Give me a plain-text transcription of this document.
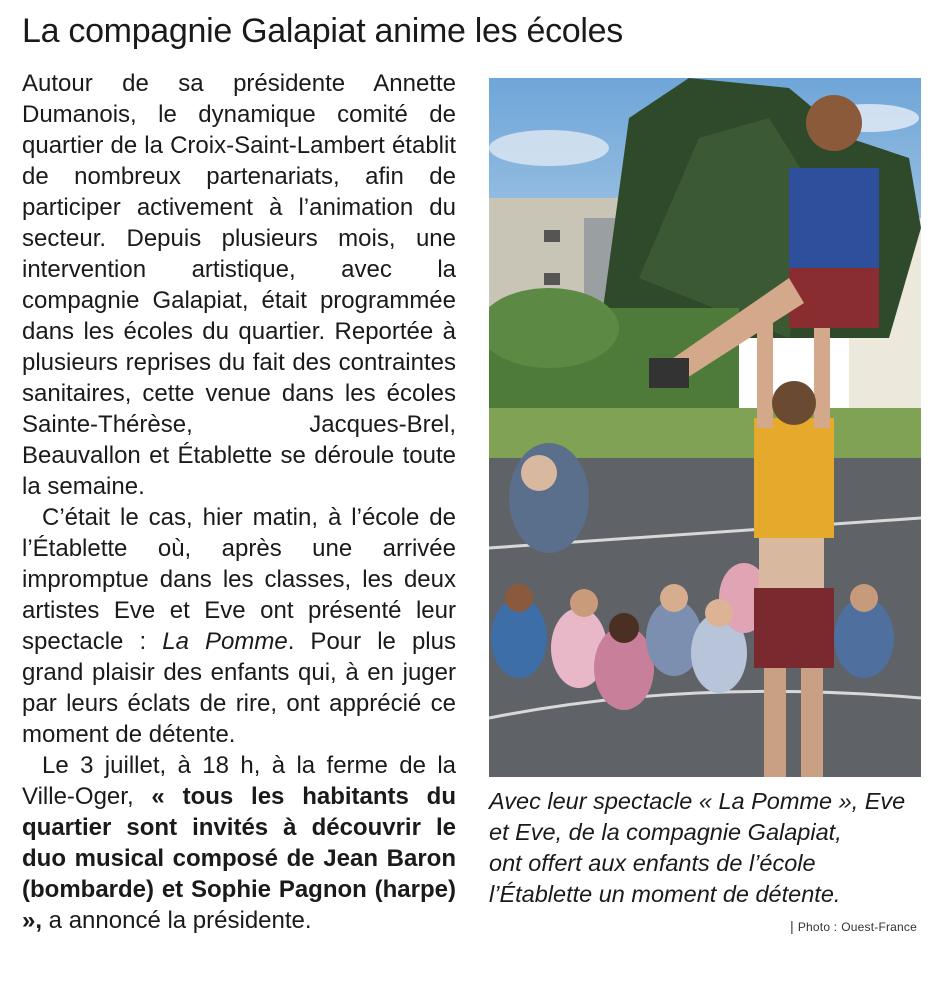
La compagnie Galapiat anime les écoles

Autour de sa présidente Annette Dumanois, le dynamique comité de quartier de la Croix-Saint-Lambert établit de nombreux partenariats, afin de participer activement à l’animation du secteur. Depuis plusieurs mois, une intervention artistique, avec la compagnie Galapiat, était programmée dans les écoles du quartier. Reportée à plusieurs reprises du fait des contraintes sanitaires, cette venue dans les écoles Sainte-Thérèse, Jacques-Brel, Beauvallon et Établette se déroule toute la semaine.

C’était le cas, hier matin, à l’école de l’Établette où, après une arrivée impromptue dans les classes, les deux artistes Eve et Eve ont présenté leur spectacle : La Pomme. Pour le plus grand plaisir des enfants qui, à en juger par leurs éclats de rire, ont apprécié ce moment de détente.

Le 3 juillet, à 18 h, à la ferme de la Ville-Oger, « tous les habitants du quartier sont invités à découvrir le duo musical composé de Jean Baron (bombarde) et Sophie Pagnon (harpe) », a annoncé la présidente.

Avec leur spectacle « La Pomme », Eve
et Eve, de la compagnie Galapiat,
ont offert aux enfants de l’école
l’Établette un moment de détente.
| Photo : Ouest-France
